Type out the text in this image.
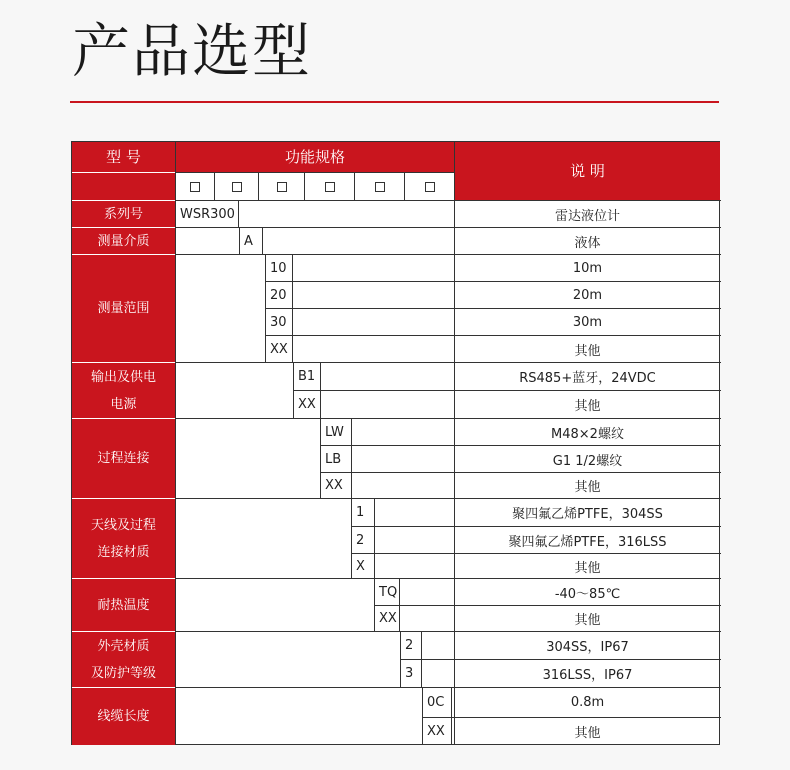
产品选型
型 号	功能规格
说 明
系列号
测量介质
测量范围
输出及供电
电源
过程连接
天线及过程
连接材质
耐热温度
外壳材质
及防护等级
线缆长度
WSR300
A
10
20
30
XX
B1
XX
LW
LB
XX
1
2
X
TQ
XX
2
3
0C
XX
雷达液位计
液体
10m
20m
30m
其他
RS485+蓝牙，24VDC
其他
M48×2螺纹
G1 1/2螺纹
其他
聚四氟乙烯PTFE，304SS
聚四氟乙烯PTFE，316LSS
其他
-40～85℃
其他
304SS，IP67
316LSS，IP67
0.8m
其他
